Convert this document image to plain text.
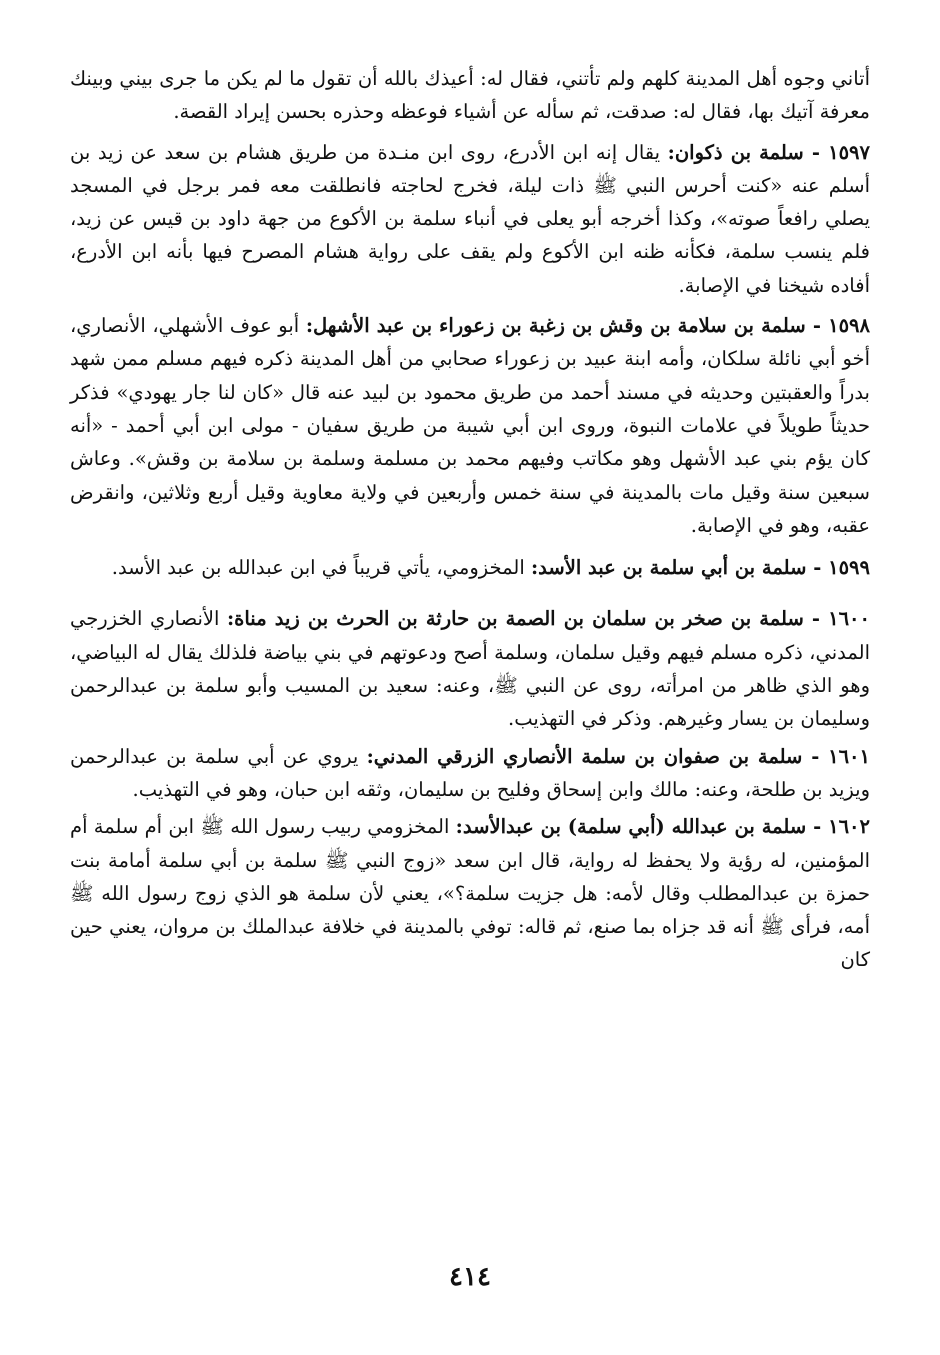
أتاني وجوه أهل المدينة كلهم ولم تأتني، فقال له: أعيذك بالله أن تقول ما لم يكن ما جرى بيني وبينك معرفة آتيك بها، فقال له: صدقت، ثم سأله عن أشياء فوعظه وحذره بحسن إيراد القصة.

١٥٩٧ - سلمة بن ذكوان: يقال إنه ابن الأدرع، روى ابن منـدة من طريق هشام بن سعد عن زيد بن أسلم عنه «كنت أحرس النبي ﷺ ذات ليلة، فخرج لحاجته فانطلقت معه فمر برجل في المسجد يصلي رافعاً صوته»، وكذا أخرجه أبو يعلى في أنباء سلمة بن الأكوع من جهة داود بن قيس عن زيد، فلم ينسب سلمة، فكأنه ظنه ابن الأكوع ولم يقف على رواية هشام المصرح فيها بأنه ابن الأدرع، أفاده شيخنا في الإصابة.

١٥٩٨ - سلمة بن سلامة بن وقش بن زغبة بن زعوراء بن عبد الأشهل: أبو عوف الأشهلي، الأنصاري، أخو أبي نائلة سلكان، وأمه ابنة عبيد بن زعوراء صحابي من أهل المدينة ذكره فيهم مسلم ممن شهد بدراً والعقبتين وحديثه في مسند أحمد من طريق محمود بن لبيد عنه قال «كان لنا جار يهودي» فذكر حديثاً طويلاً في علامات النبوة، وروى ابن أبي شيبة من طريق سفيان - مولى ابن أبي أحمد - «أنه كان يؤم بني عبد الأشهل وهو مكاتب وفيهم محمد بن مسلمة وسلمة بن سلامة بن وقش». وعاش سبعين سنة وقيل مات بالمدينة في سنة خمس وأربعين في ولاية معاوية وقيل أربع وثلاثين، وانقرض عقبه، وهو في الإصابة.

١٥٩٩ - سلمة بن أبي سلمة بن عبد الأسد: المخزومي، يأتي قريباً في ابن عبدالله بن عبد الأسد.

١٦٠٠ - سلمة بن صخر بن سلمان بن الصمة بن حارثة بن الحرث بن زيد مناة: الأنصاري الخزرجي المدني، ذكره مسلم فيهم وقيل سلمان، وسلمة أصح ودعوتهم في بني بياضة فلذلك يقال له البياضي، وهو الذي ظاهر من امرأته، روى عن النبي ﷺ، وعنه: سعيد بن المسيب وأبو سلمة بن عبدالرحمن وسليمان بن يسار وغيرهم. وذكر في التهذيب.

١٦٠١ - سلمة بن صفوان بن سلمة الأنصاري الزرقي المدني: يروي عن أبي سلمة بن عبدالرحمن ويزيد بن طلحة، وعنه: مالك وابن إسحاق وفليح بن سليمان، وثقه ابن حبان، وهو في التهذيب.

١٦٠٢ - سلمة بن عبدالله (أبي سلمة) بن عبدالأسد: المخزومي ربيب رسول الله ﷺ ابن أم سلمة أم المؤمنين، له رؤية ولا يحفظ له رواية، قال ابن سعد «زوج النبي ﷺ سلمة بن أبي سلمة أمامة بنت حمزة بن عبدالمطلب وقال لأمه: هل جزيت سلمة؟»، يعني لأن سلمة هو الذي زوج رسول الله ﷺ أمه، فرأى ﷺ أنه قد جزاه بما صنع، ثم قاله: توفي بالمدينة في خلافة عبدالملك بن مروان، يعني حين كان

٤١٤
